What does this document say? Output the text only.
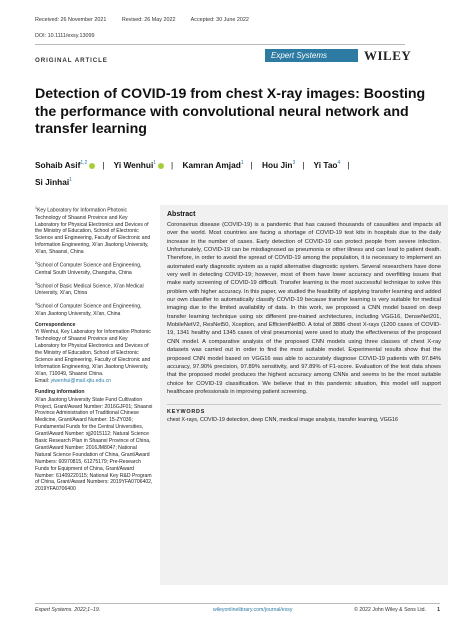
Received: 26 November 2021	Revised: 26 May 2022	Accepted: 30 June 2022
DOI: 10.1111/exsy.13099
Expert Systems	WILEY
ORIGINAL ARTICLE
Detection of COVID-19 from chest X-ray images: Boosting the performance with convolutional neural network and transfer learning
Sohaib Asif$^{1,2}$ | Yi Wenhui$^1$ | Kamran Amjad$^1$ | Hou Jin$^3$ | Yi Tao$^4$ |
Si Jinhai$^1$

$^1$Key Laboratory for Information Photonic Technology of Shaanxi Province and Key Laboratory for Physical Electronics and Devices of the Ministry of Education, School of Electronic Science and Engineering, Faculty of Electronic and Information Engineering, Xi'an Jiaotong University, Xi'an, Shaanxi, China

$^2$School of Computer Science and Engineering, Central South University, Changsha, China

$^3$School of Basic Medical Science, Xi'an Medical University, Xi'an, China

$^4$School of Computer Science and Engineering, Xi'an Jiaotong University, Xi'an, China

Correspondence

Yi Wenhui, Key Laboratory for Information Photonic Technology of Shaanxi Province and Key Laboratory for Physical Electronics and Devices of the Ministry of Education, School of Electronic Science and Engineering, Faculty of Electronic and Information Engineering, Xi'an Jiaotong University, Xi'an, 710049, Shaanxi China.
Email: yiwenhui@mail.xjtu.edu.cn

Funding information

Xi'an Jiaotong University State Fund Cultivation Project, Grant/Award Number: 2016GJF01; Shaanxi Province Administration of Traditional Chinese Medicine, Grant/Award Number: 15-ZY036; Fundamental Funds for the Central Universities, Grant/Award Number: xjj2015112; Natural Science Basic Research Plan in Shaanxi Province of China, Grant/Award Number: 2016JM8047; National Natural Science Foundation of China, Grant/Award Numbers: 60970815, 61275179; Pre-Research Funds for Equipment of China, Grant/Award Number: 61409220115; National Key R&D Program of China, Grant/Award Numbers: 2019YFA0706402, 2019YFA0706400

Abstract

Coronavirus disease (COVID-19) is a pandemic that has caused thousands of casualties and impacts all over the world. Most countries are facing a shortage of COVID-19 test kits in hospitals due to the daily increase in the number of cases. Early detection of COVID-19 can protect people from severe infection. Unfortunately, COVID-19 can be misdiagnosed as pneumonia or other illness and can lead to patient death. Therefore, in order to avoid the spread of COVID-19 among the population, it is necessary to implement an automated early diagnostic system as a rapid alternative diagnostic system. Several researchers have done very well in detecting COVID-19; however, most of them have lower accuracy and overfitting issues that make early screening of COVID-19 difficult. Transfer learning is the most successful technique to solve this problem with higher accuracy. In this paper, we studied the feasibility of applying transfer learning and added our own classifier to automatically classify COVID-19 because transfer learning is very suitable for medical imaging due to the limited availability of data. In this work, we proposed a CNN model based on deep transfer learning technique using six different pre-trained architectures, including VGG16, DenseNet201, MobileNetV2, ResNet50, Xception, and EfficientNetB0. A total of 3886 chest X-rays (1200 cases of COVID-19, 1341 healthy and 1345 cases of viral pneumonia) were used to study the effectiveness of the proposed CNN model. A comparative analysis of the proposed CNN models using three classes of chest X-ray datasets was carried out in order to find the most suitable model. Experimental results show that the proposed CNN model based on VGG16 was able to accurately diagnose COVID-19 patients with 97.84% accuracy, 97.90% precision, 97.89% sensitivity, and 97.89% of F1-score. Evaluation of the test data shows that the proposed model produces the highest accuracy among CNNs and seems to be the most suitable choice for COVID-19 classification. We believe that in this pandemic situation, this model will support healthcare professionals in improving patient screening.

KEYWORDS
chest X-rays, COVID-19 detection, deep CNN, medical image analysis, transfer learning, VGG16
Expert Systems. 2022;1–19.	wileyonlinelibrary.com/journal/exsy	© 2022 John Wiley & Sons Ltd. 1
